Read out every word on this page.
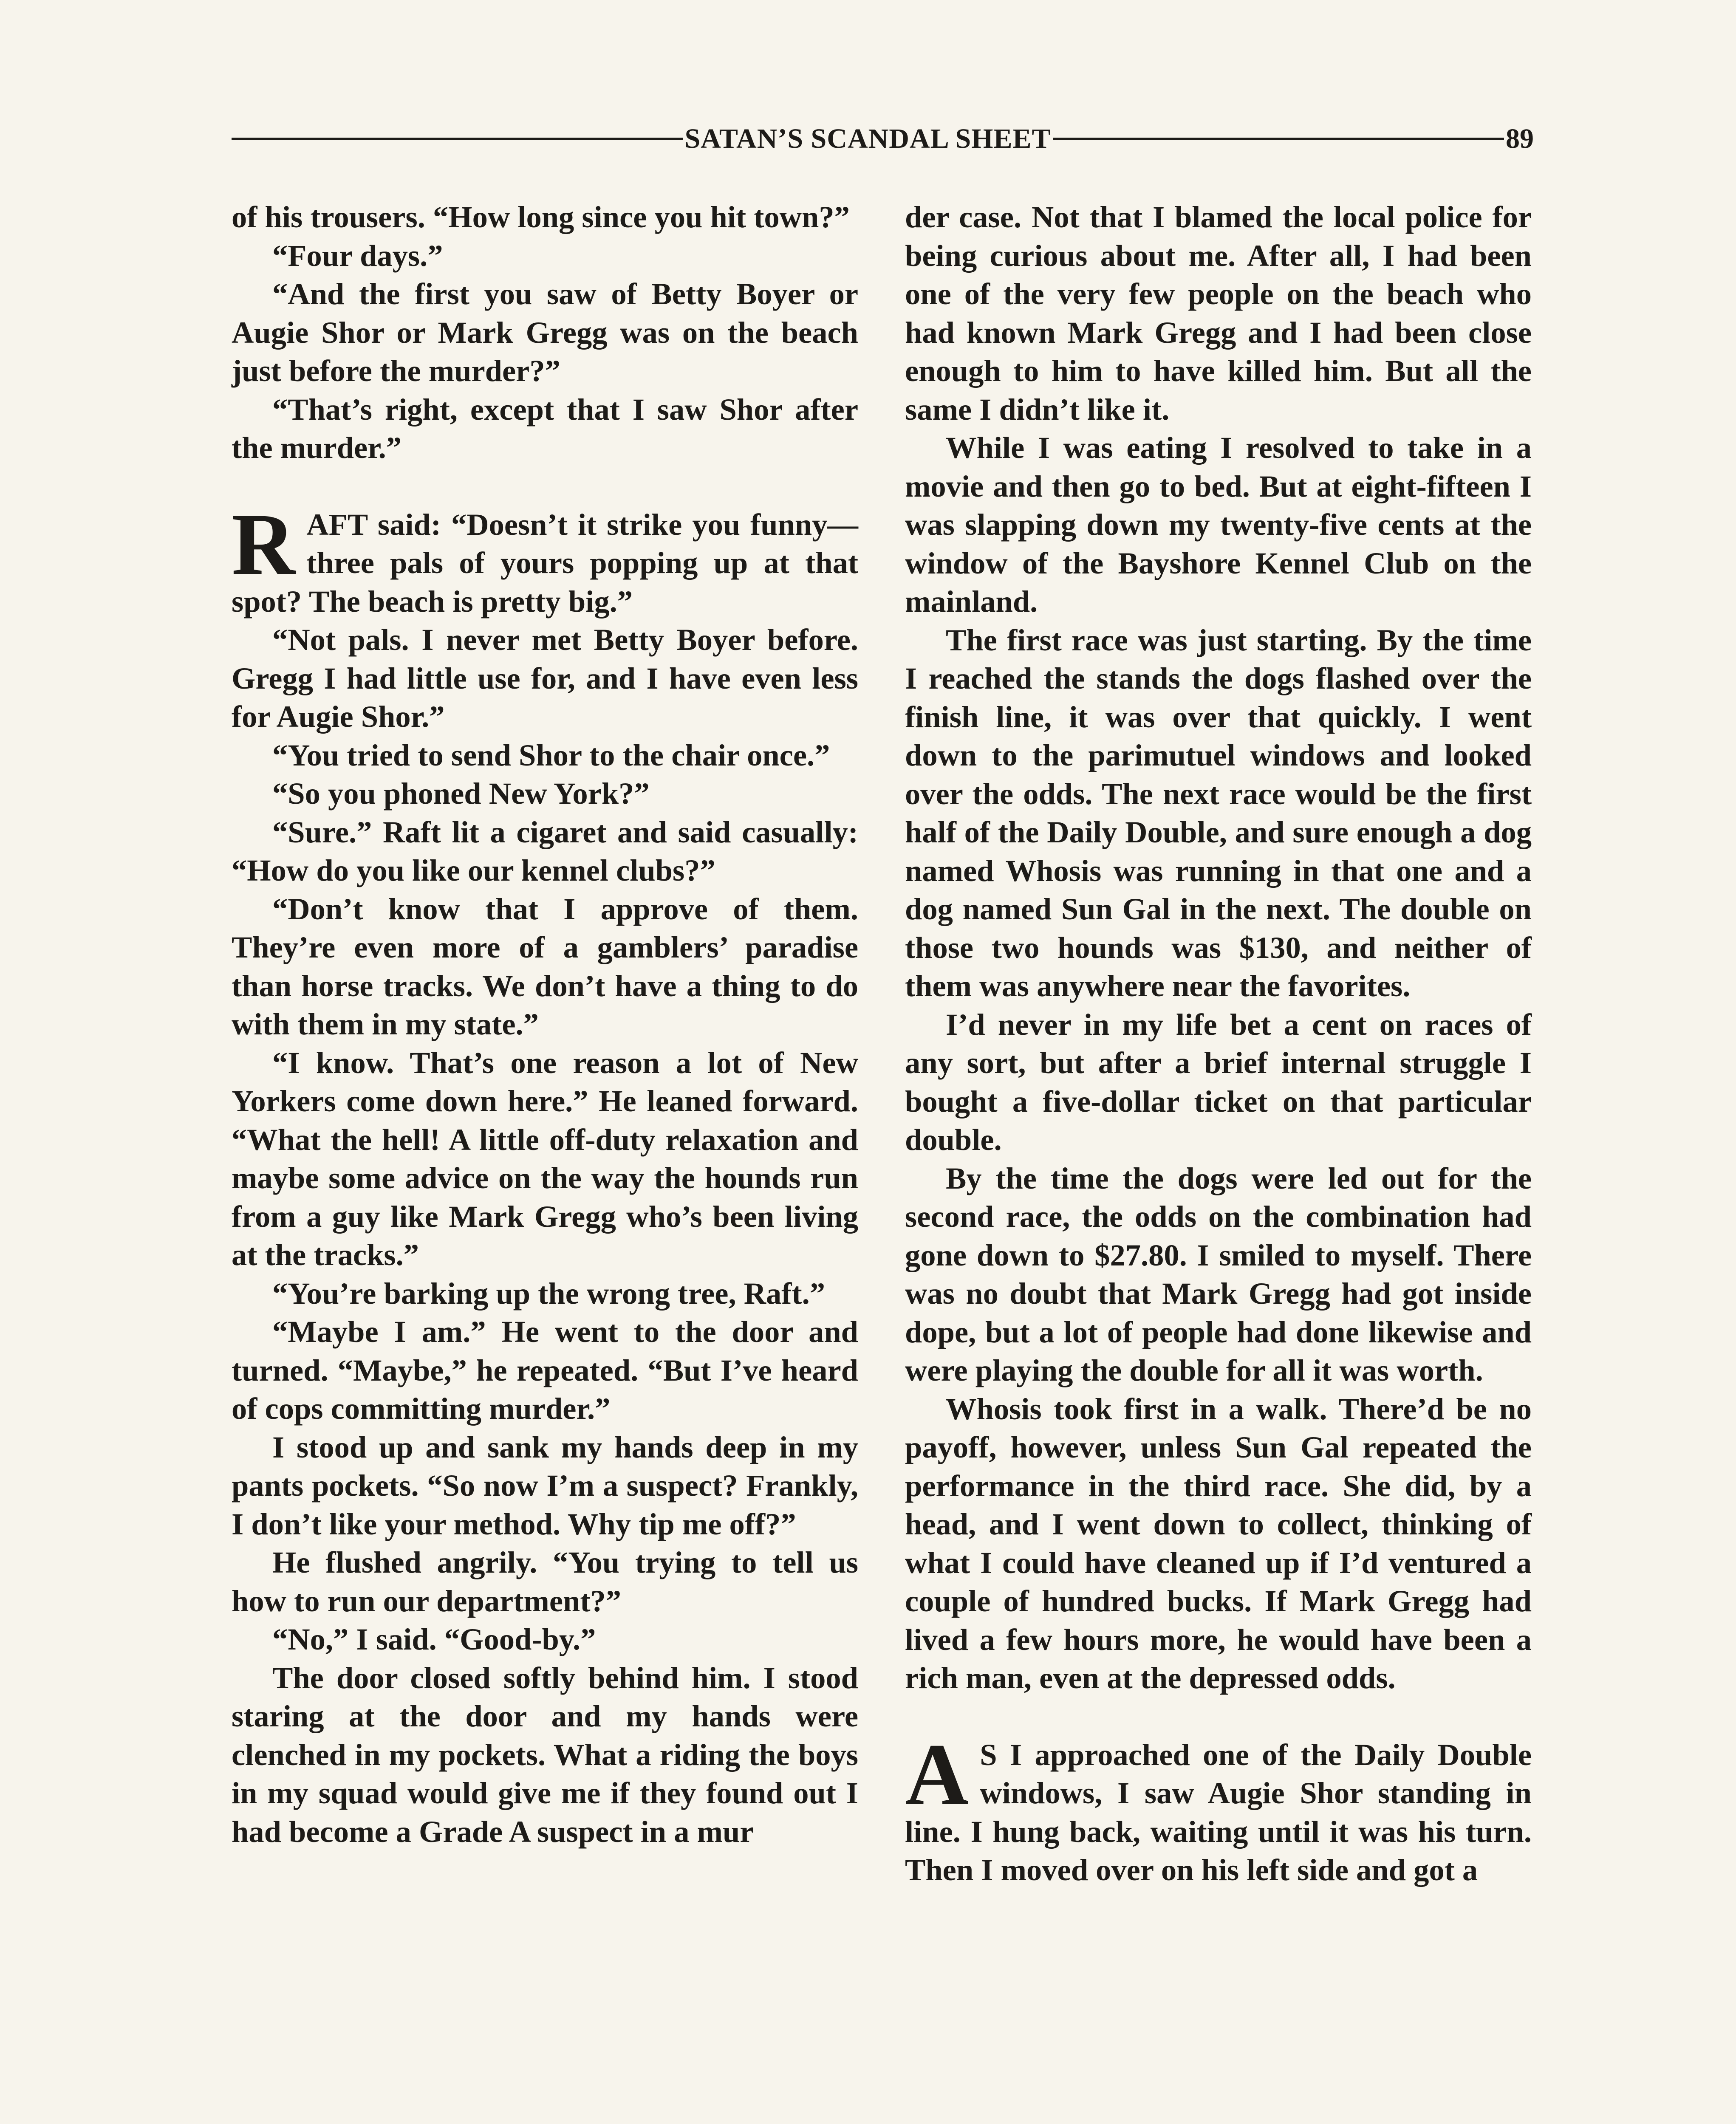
SATAN’S SCANDAL SHEET	89

of his trousers. “How long since you hit town?”

“Four days.”

“And the first you saw of Betty Boyer or Augie Shor or Mark Gregg was on the beach just before the murder?”

“That’s right, except that I saw Shor after the murder.”

RAFT said: “Doesn’t it strike you funny—three pals of yours popping up at that spot? The beach is pretty big.”

“Not pals. I never met Betty Boyer before. Gregg I had little use for, and I have even less for Augie Shor.”

“You tried to send Shor to the chair once.”

“So you phoned New York?”

“Sure.” Raft lit a cigaret and said casually: “How do you like our kennel clubs?”

“Don’t know that I approve of them. They’re even more of a gamblers’ paradise than horse tracks. We don’t have a thing to do with them in my state.”

“I know. That’s one reason a lot of New Yorkers come down here.” He leaned forward. “What the hell! A little off-duty relaxation and maybe some advice on the way the hounds run from a guy like Mark Gregg who’s been living at the tracks.”

“You’re barking up the wrong tree, Raft.”

“Maybe I am.” He went to the door and turned. “Maybe,” he repeated. “But I’ve heard of cops committing murder.”

I stood up and sank my hands deep in my pants pockets. “So now I’m a suspect? Frankly, I don’t like your method. Why tip me off?”

He flushed angrily. “You trying to tell us how to run our department?”

“No,” I said. “Good-by.”

The door closed softly behind him. I stood staring at the door and my hands were clenched in my pockets. What a riding the boys in my squad would give me if they found out I had become a Grade A suspect in a mur

der case. Not that I blamed the local police for being curious about me. After all, I had been one of the very few people on the beach who had known Mark Gregg and I had been close enough to him to have killed him. But all the same I didn’t like it.

While I was eating I resolved to take in a movie and then go to bed. But at eight-fifteen I was slapping down my twenty-five cents at the window of the Bayshore Kennel Club on the mainland.

The first race was just starting. By the time I reached the stands the dogs flashed over the finish line, it was over that quickly. I went down to the parimutuel windows and looked over the odds. The next race would be the first half of the Daily Double, and sure enough a dog named Whosis was running in that one and a dog named Sun Gal in the next. The double on those two hounds was $130, and neither of them was anywhere near the favorites.

I’d never in my life bet a cent on races of any sort, but after a brief internal struggle I bought a five-dollar ticket on that particular double.

By the time the dogs were led out for the second race, the odds on the combination had gone down to $27.80. I smiled to myself. There was no doubt that Mark Gregg had got inside dope, but a lot of people had done likewise and were playing the double for all it was worth.

Whosis took first in a walk. There’d be no payoff, however, unless Sun Gal repeated the performance in the third race. She did, by a head, and I went down to collect, thinking of what I could have cleaned up if I’d ventured a couple of hundred bucks. If Mark Gregg had lived a few hours more, he would have been a rich man, even at the depressed odds.

A S I approached one of the Daily Double windows, I saw Augie Shor standing in line. I hung back, waiting until it was his turn. Then I moved over on his left side and got a
